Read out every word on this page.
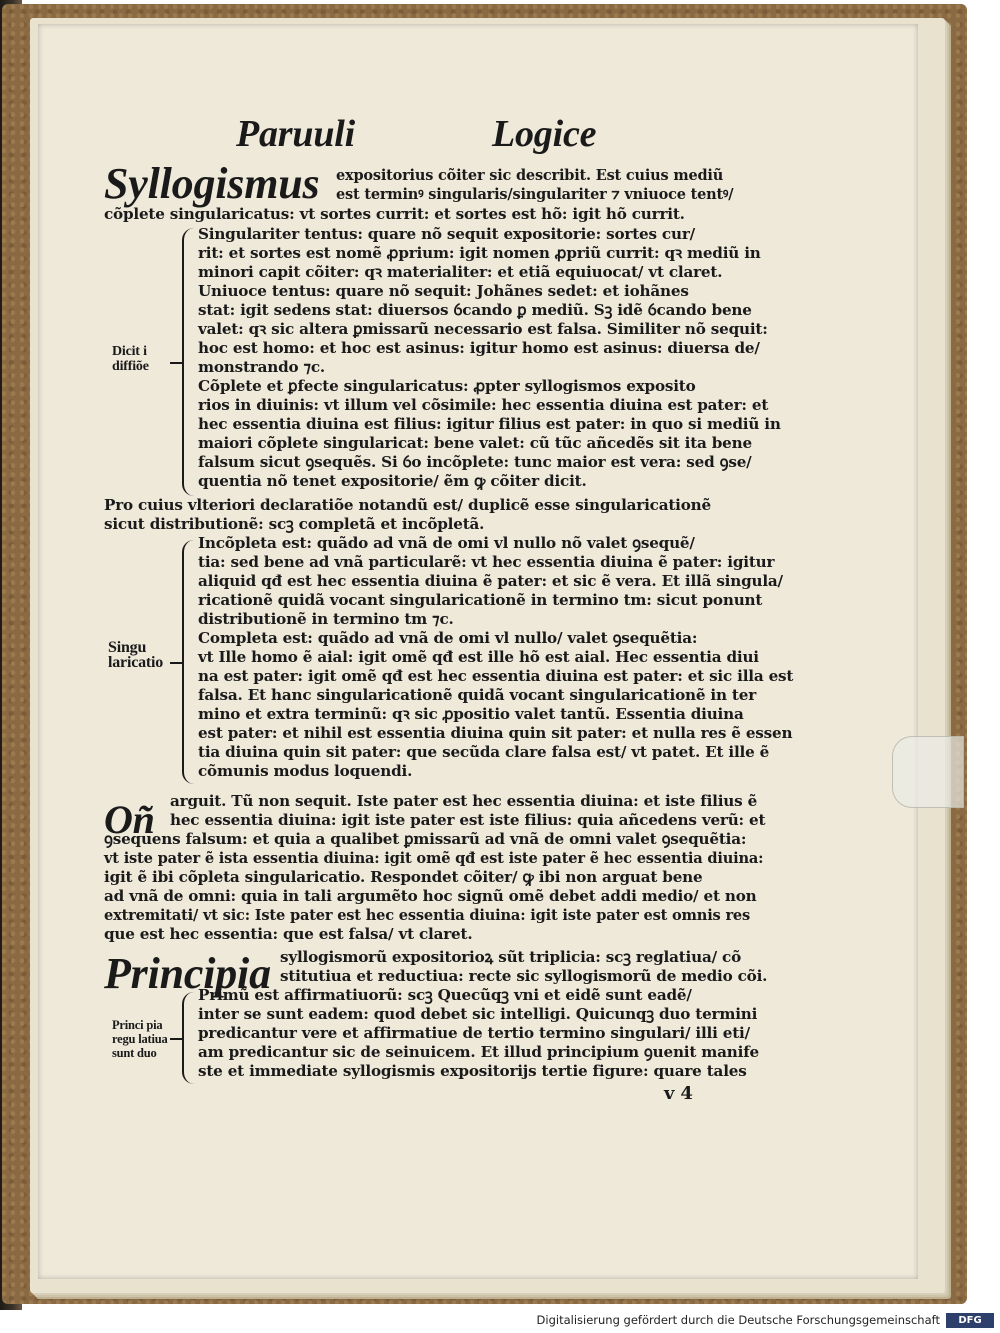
Paruuli	Logice
Syllogismus expositorius cõiter sic describit. Est cuius mediũ
est terminꝰ singularis/singulariter ⁊ vniuoce tentꝰ/
cõplete singularicatus: vt sortes currit: et sortes est hõ: igit hõ currit.
Singulariter tentus: quare nõ sequit expositorie: sortes cur/
rit: et sortes est nomẽ ꝓprium: igit nomen ꝓpriũ currit: qꝛ mediũ in
minori capit cõiter: qꝛ materialiter: et etiã equiuocat/ vt claret.
Uniuoce tentus: quare nõ sequit: Johãnes sedet: et iohãnes
stat: igit sedens stat: diuersos ỽcando ꝑ mediũ. Sꝫ idẽ ỽcando bene
valet: qꝛ sic altera ꝑmissarũ necessario est falsa. Similiter nõ sequit:
hoc est homo: et hoc est asinus: igitur homo est asinus: diuersa de/
monstrando ⁊c.
Cõplete et ꝑfecte singularicatus: ꝓpter syllogismos exposito
rios in diuinis: vt illum vel cõsimile: hec essentia diuina est pater: et
hec essentia diuina est filius: igitur filius est pater: in quo si mediũ in
maiori cõplete singularicat: bene valet: cũ tũc añcedẽs sit ita bene
falsum sicut ꝯsequẽs. Si ỽo incõplete: tunc maior est vera: sed ꝯse/
quentia nõ tenet expositorie/ ẽm ꝙ cõiter dicit.
Dicit i diffiõe
Pro cuius vlteriori declaratiõe notandũ est/ duplicẽ esse singularicationẽ
sicut distributionẽ: scꝫ completã et incõpletã.
Incõpleta est: quãdo ad vnã de omi vl nullo nõ valet ꝯsequẽ/
tia: sed bene ad vnã particularẽ: vt hec essentia diuina ẽ pater: igitur
aliquid qđ est hec essentia diuina ẽ pater: et sic ẽ vera. Et illã singula/
ricationẽ quidã vocant singularicationẽ in termino tm: sicut ponunt
distributionẽ in termino tm ⁊c.
Completa est: quãdo ad vnã de omi vl nullo/ valet ꝯsequẽtia:
vt Ille homo ẽ aial: igit omẽ qđ est ille hõ est aial. Hec essentia diui
na est pater: igit omẽ qđ est hec essentia diuina est pater: et sic illa est
falsa. Et hanc singularicationẽ quidã vocant singularicationẽ in ter
mino et extra terminũ: qꝛ sic ꝓpositio valet tantũ. Essentia diuina
est pater: et nihil est essentia diuina quin sit pater: et nulla res ẽ essen
tia diuina quin sit pater: que secũda clare falsa est/ vt patet. Et ille ẽ
cõmunis modus loquendi.
Singu laricatio
Oñ arguit. Tũ non sequit. Iste pater est hec essentia diuina: et iste filius ẽ
hec essentia diuina: igit iste pater est iste filius: quia añcedens verũ: et
ꝯsequens falsum: et quia a qualibet ꝑmissarũ ad vnã de omni valet ꝯsequẽtia:
vt iste pater ẽ ista essentia diuina: igit omẽ qđ est iste pater ẽ hec essentia diuina:
igit ẽ ibi cõpleta singularicatio. Respondet cõiter/ ꝙ ibi non arguat bene
ad vnã de omni: quia in tali argumẽto hoc signũ omẽ debet addi medio/ et non
extremitati/ vt sic: Iste pater est hec essentia diuina: igit iste pater est omnis res
que est hec essentia: que est falsa/ vt claret.
Principia syllogismorũ expositorioꝝ sũt triplicia: scꝫ reglatiua/ cõ
stitutiua et reductiua: recte sic syllogismorũ de medio cõi.
Primũ est affirmatiuorũ: scꝫ Quecũqꝫ vni et eidẽ sunt eadẽ/
inter se sunt eadem: quod debet sic intelligi. Quicunqꝫ duo termini
predicantur vere et affirmatiue de tertio termino singulari/ illi eti/
am predicantur sic de seinuicem. Et illud principium ꝯuenit manife
ste et immediate syllogismis expositorijs tertie figure: quare tales
Princi pia regu latiua sunt duo
v 4
Digitalisierung gefördert durch die Deutsche Forschungsgemeinschaft	DFG
